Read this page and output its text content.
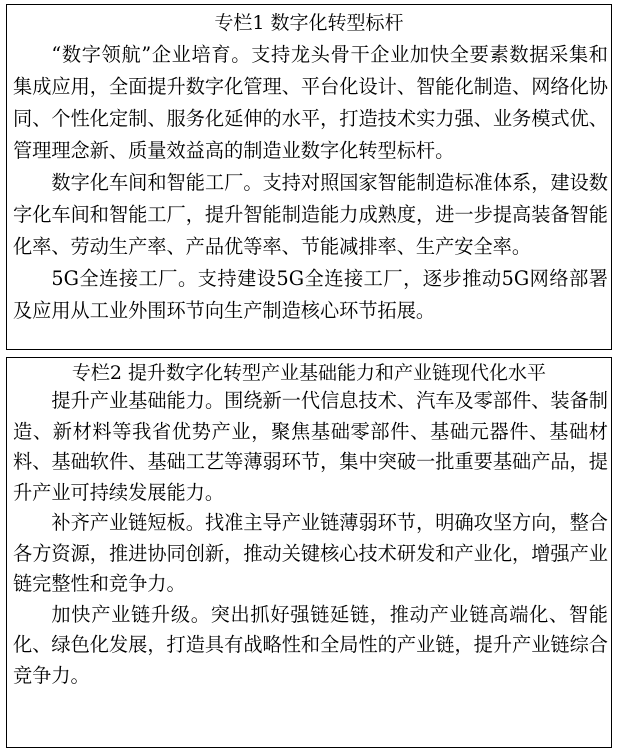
专栏1 数字化转型标杆

“数字领航”企业培育。支持龙头骨干企业加快全要素数据采集和集成应用，全面提升数字化管理、平台化设计、智能化制造、网络化协同、个性化定制、服务化延伸的水平，打造技术实力强、业务模式优、管理理念新、质量效益高的制造业数字化转型标杆。

数字化车间和智能工厂。支持对照国家智能制造标准体系，建设数字化车间和智能工厂，提升智能制造能力成熟度，进一步提高装备智能化率、劳动生产率、产品优等率、节能减排率、生产安全率。

5G全连接工厂。支持建设5G全连接工厂，逐步推动5G网络部署及应用从工业外围环节向生产制造核心环节拓展。

专栏2 提升数字化转型产业基础能力和产业链现代化水平

提升产业基础能力。围绕新一代信息技术、汽车及零部件、装备制造、新材料等我省优势产业，聚焦基础零部件、基础元器件、基础材料、基础软件、基础工艺等薄弱环节，集中突破一批重要基础产品，提升产业可持续发展能力。

补齐产业链短板。找准主导产业链薄弱环节，明确攻坚方向，整合各方资源，推进协同创新，推动关键核心技术研发和产业化，增强产业链完整性和竞争力。

加快产业链升级。突出抓好强链延链，推动产业链高端化、智能化、绿色化发展，打造具有战略性和全局性的产业链，提升产业链综合竞争力。
